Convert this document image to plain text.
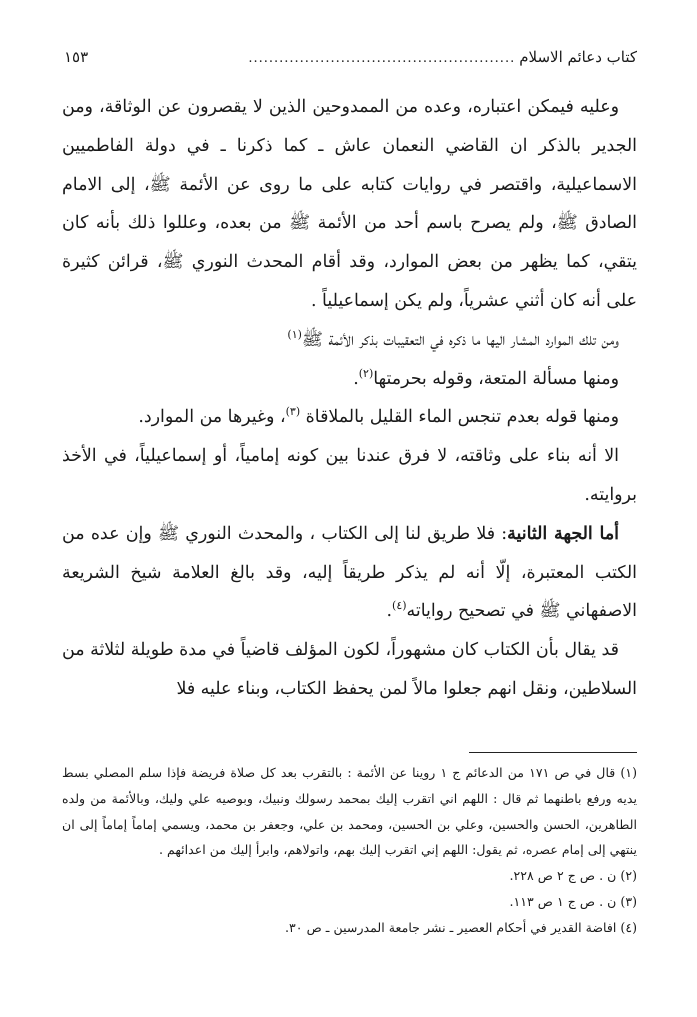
كتاب دعائم الاسلام
....................................................
١٥٣

وعليه فيمكن اعتباره، وعده من الممدوحين الذين لا يقصرون عن الوثاقة، ومن الجدير بالذكر ان القاضي النعمان عاش ـ كما ذكرنا ـ في دولة الفاطميين الاسماعيلية، واقتصر في روايات كتابه على ما روى عن الأئمة ﷺ، إلى الامام الصادق ﷺ، ولم يصرح باسم أحد من الأئمة ﷺ من بعده، وعللوا ذلك بأنه كان يتقي، كما يظهر من بعض الموارد، وقد أقام المحدث النوري ﷺ، قرائن كثيرة على أنه كان أثني عشرياً، ولم يكن إسماعيلياً .

ومن تلك الموارد المشار اليها ما ذكره في التعقيبات بذكر الأئمة ﷺ$^{(١)}$

ومنها مسألة المتعة، وقوله بحرمتها$^{(٢)}$.

ومنها قوله بعدم تنجس الماء القليل بالملاقاة $^{(٣)}$، وغيرها من الموارد.

الا أنه بناء على وثاقته، لا فرق عندنا بين كونه إمامياً، أو إسماعيلياً، في الأخذ بروايته.

أما الجهة الثانية: فلا طريق لنا إلى الكتاب ، والمحدث النوري ﷺ وإن عده من الكتب المعتبرة، إلّا أنه لم يذكر طريقاً إليه، وقد بالغ العلامة شيخ الشريعة الاصفهاني ﷺ في تصحيح رواياته$^{(٤)}$.

قد يقال بأن الكتاب كان مشهوراً، لكون المؤلف قاضياً في مدة طويلة لثلاثة من السلاطين، ونقل انهم جعلوا مالاً لمن يحفظ الكتاب، وبناء عليه فلا

(١) قال في ص ١٧١ من الدعائم ج ١ روينا عن الأئمة : بالتقرب بعد كل صلاة فريضة فإذا سلم المصلي بسط يديه ورفع باطنهما ثم قال : اللهم اني اتقرب إليك بمحمد رسولك ونبيك، وبوصيه علي وليك، وبالأئمة من ولده الطاهرين، الحسن والحسين، وعلي بن الحسين، ومحمد بن علي، وجعفر بن محمد، ويسمي إماماً إماماً إلى ان ينتهي إلى إمام عصره، ثم يقول: اللهم إني اتقرب إليك بهم، واتولاهم، وابرأ إليك من اعدائهم .

(٢) ن . ص ج ٢ ص ٢٢٨.

(٣) ن . ص ج ١ ص ١١٣.

(٤) افاضة القدير في أحكام العصير ـ نشر جامعة المدرسين ـ ص ٣٠.
